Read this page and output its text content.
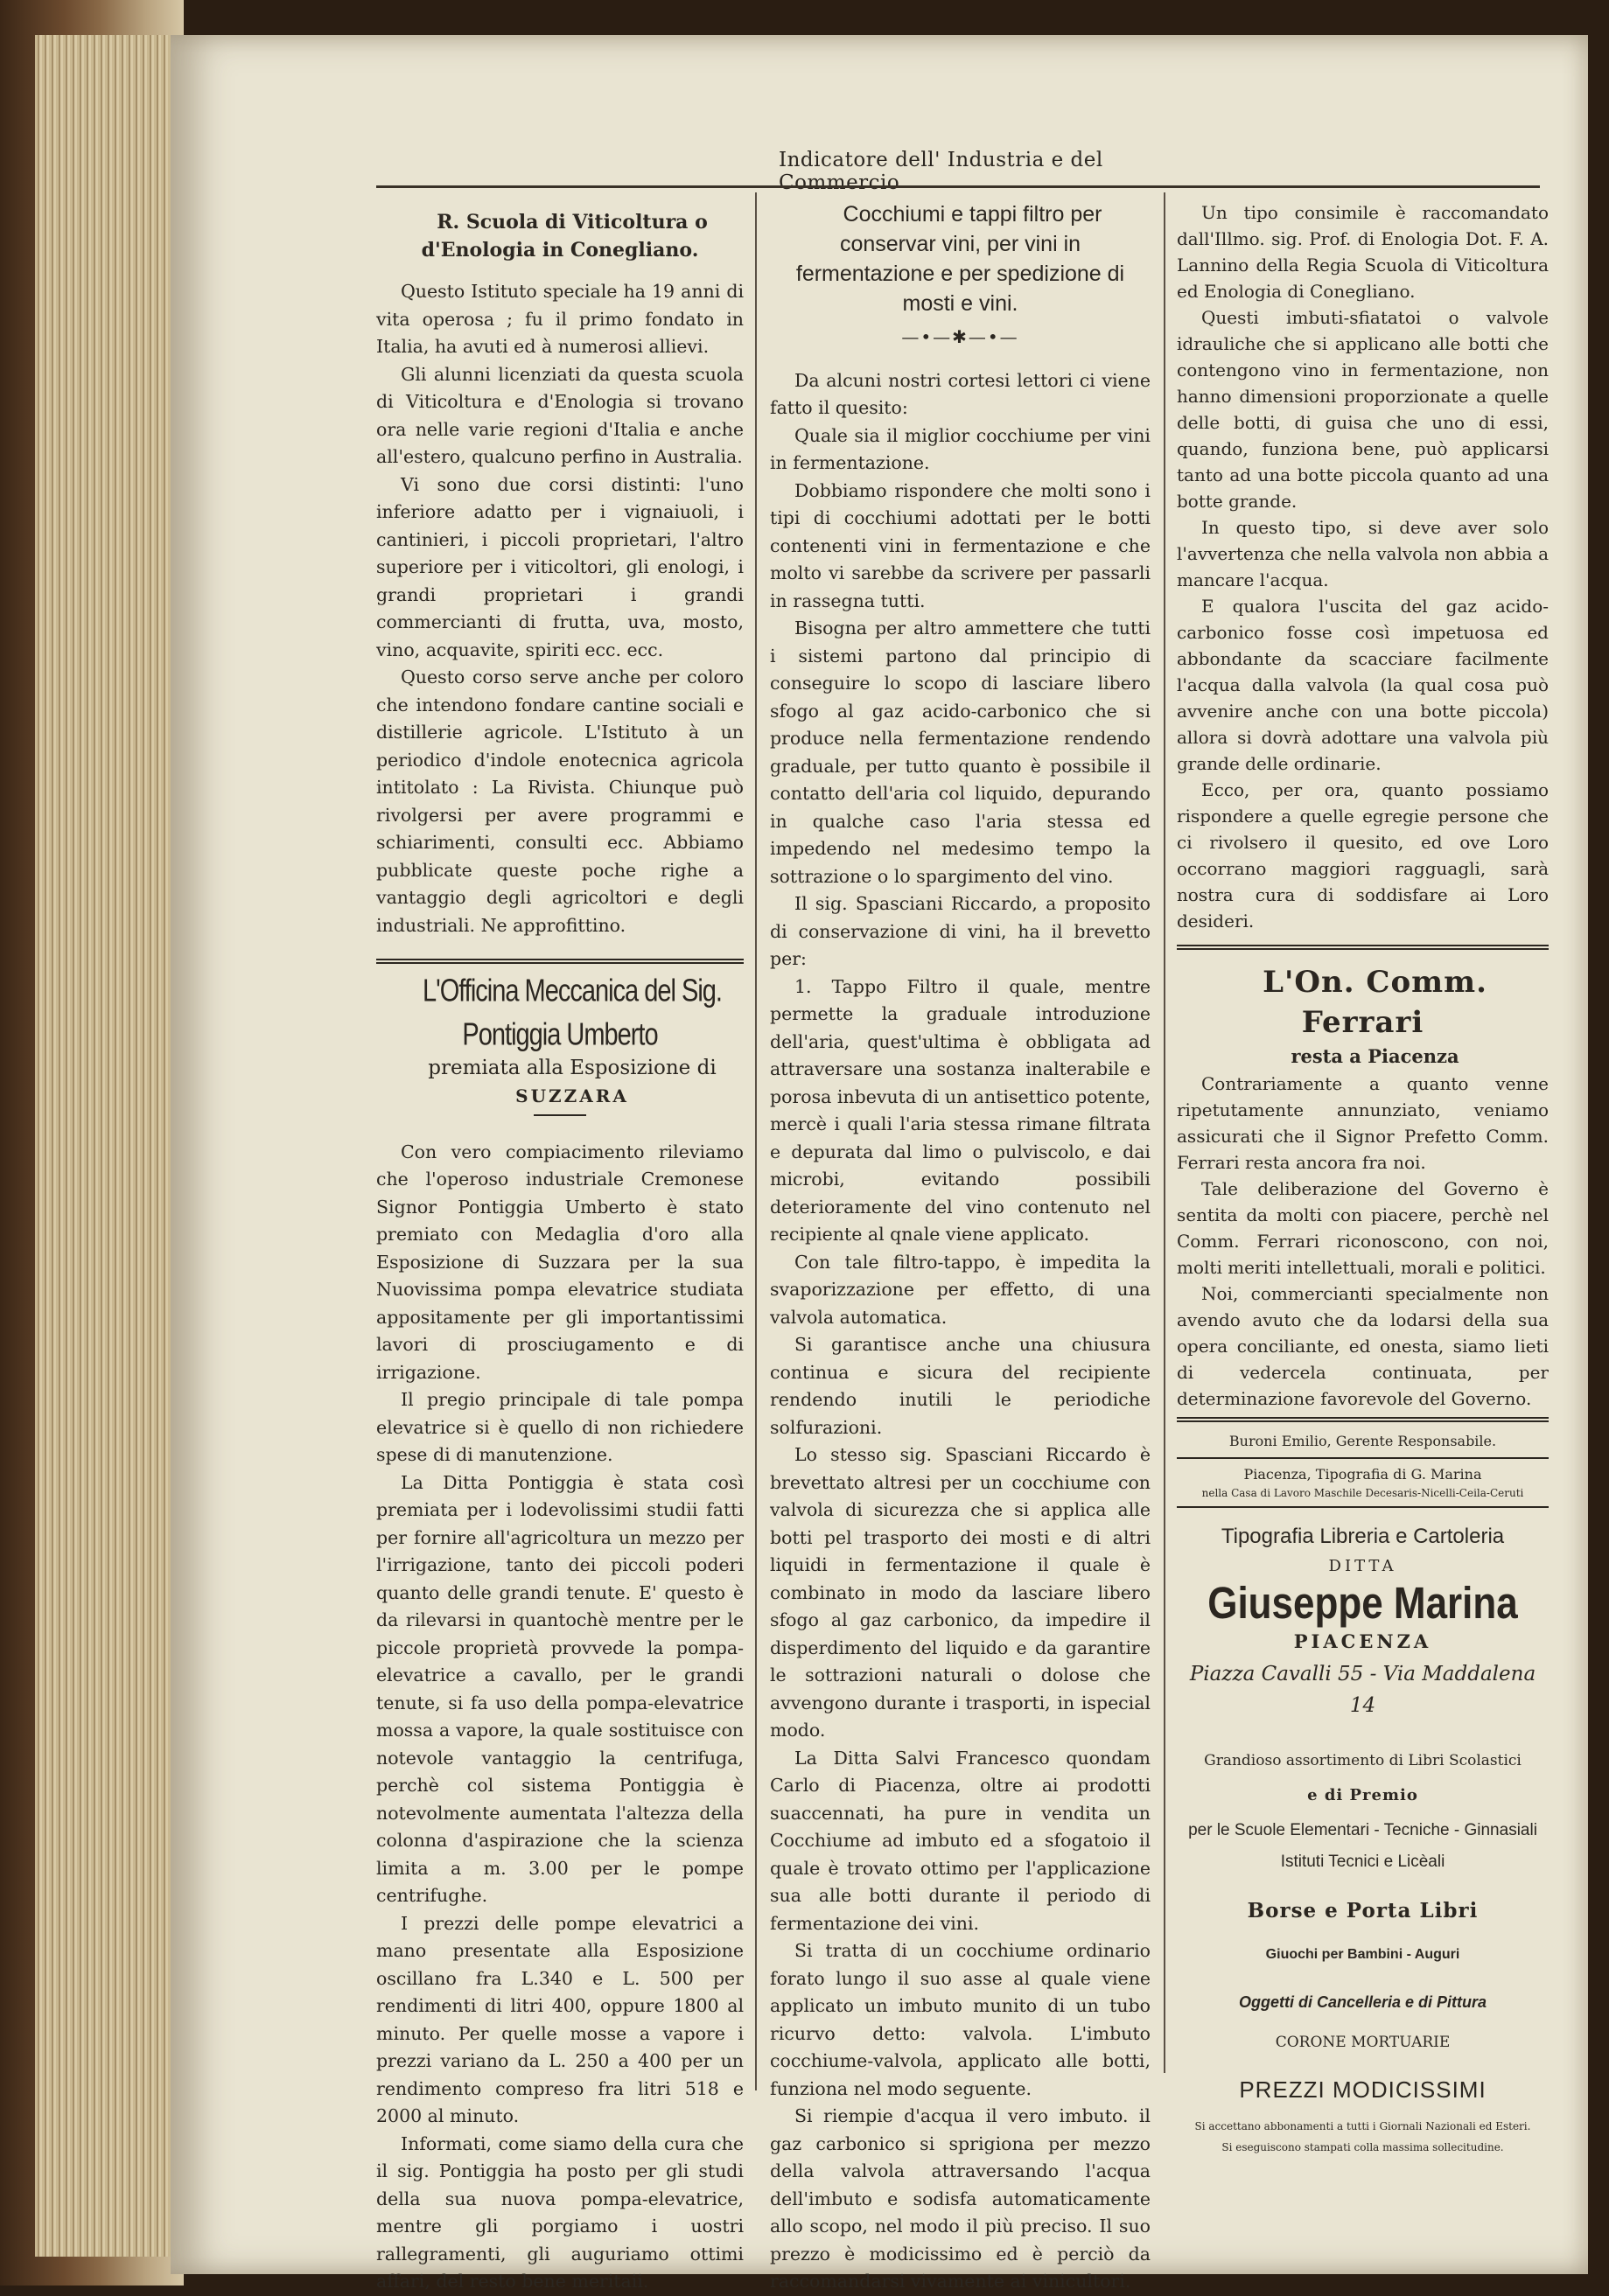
Indicatore dell' Industria e del Commercio

R. Scuola di Viticoltura o d'Enologia in Conegliano.

Questo Istituto speciale ha 19 anni di vita operosa ; fu il primo fondato in Italia, ha avuti ed à numerosi allievi.

Gli alunni licenziati da questa scuola di Viticoltura e d'Enologia si trovano ora nelle varie regioni d'Italia e anche all'estero, qualcuno perfino in Australia.

Vi sono due corsi distinti: l'uno inferiore adatto per i vignaiuoli, i cantinieri, i piccoli proprietari, l'altro superiore per i viticoltori, gli enologi, i grandi proprietari i grandi commercianti di frutta, uva, mosto, vino, acquavite, spiriti ecc. ecc.

Questo corso serve anche per coloro che intendono fondare cantine sociali e distillerie agricole. L'Istituto à un periodico d'indole enotecnica agricola intitolato : La Rivista. Chiunque può rivolgersi per avere programmi e schiarimenti, consulti ecc. Abbiamo pubblicate queste poche righe a vantaggio degli agricoltori e degli industriali. Ne approfittino.

L'Officina Meccanica del Sig. Pontiggia Umberto

premiata alla Esposizione di

SUZZARA

Con vero compiacimento rileviamo che l'operoso industriale Cremonese Signor Pontiggia Umberto è stato premiato con Medaglia d'oro alla Esposizione di Suzzara per la sua Nuovissima pompa elevatrice studiata appositamente per gli importantissimi lavori di prosciugamento e di irrigazione.

Il pregio principale di tale pompa elevatrice si è quello di non richiedere spese di di manutenzione.

La Ditta Pontiggia è stata così premiata per i lodevolissimi studii fatti per fornire all'agricoltura un mezzo per l'irrigazione, tanto dei piccoli poderi quanto delle grandi tenute. E' questo è da rilevarsi in quantochè mentre per le piccole proprietà provvede la pompa-elevatrice a cavallo, per le grandi tenute, si fa uso della pompa-elevatrice mossa a vapore, la quale sostituisce con notevole vantaggio la centrifuga, perchè col sistema Pontiggia è notevolmente aumentata l'altezza della colonna d'aspirazione che la scienza limita a m. 3.00 per le pompe centrifughe.

I prezzi delle pompe elevatrici a mano presentate alla Esposizione oscillano fra L.340 e L. 500 per rendimenti di litri 400, oppure 1800 al minuto. Per quelle mosse a vapore i prezzi variano da L. 250 a 400 per un rendimento compreso fra litri 518 e 2000 al minuto.

Informati, come siamo della cura che il sig. Pontiggia ha posto per gli studi della sua nuova pompa-elevatrice, mentre gli porgiamo i uostri rallegramenti, gli auguriamo ottimi affari, del resto bene meritaii.

Cocchiumi e tappi filtro per conservar vini, per vini in fermentazione e per spedizione di mosti e vini.

—•—✱—•—

Da alcuni nostri cortesi lettori ci viene fatto il quesito:

Quale sia il miglior cocchiume per vini in fermentazione.

Dobbiamo rispondere che molti sono i tipi di cocchiumi adottati per le botti contenenti vini in fermentazione e che molto vi sarebbe da scrivere per passarli in rassegna tutti.

Bisogna per altro ammettere che tutti i sistemi partono dal principio di conseguire lo scopo di lasciare libero sfogo al gaz acido-carbonico che si produce nella fermentazione rendendo graduale, per tutto quanto è possibile il contatto dell'aria col liquido, depurando in qualche caso l'aria stessa ed impedendo nel medesimo tempo la sottrazione o lo spargimento del vino.

Il sig. Spasciani Riccardo, a proposito di conservazione di vini, ha il brevetto per:

1. Tappo Filtro il quale, mentre permette la graduale introduzione dell'aria, quest'ultima è obbligata ad attraversare una sostanza inalterabile e porosa inbevuta di un antisettico potente, mercè i quali l'aria stessa rimane filtrata e depurata dal limo o pulviscolo, e dai microbi, evitando possibili deterioramente del vino contenuto nel recipiente al qnale viene applicato.

Con tale filtro-tappo, è impedita la svaporizzazione per effetto, di una valvola automatica.

Si garantisce anche una chiusura continua e sicura del recipiente rendendo inutili le periodiche solfurazioni.

Lo stesso sig. Spasciani Riccardo è brevettato altresi per un cocchiume con valvola di sicurezza che si applica alle botti pel trasporto dei mosti e di altri liquidi in fermentazione il quale è combinato in modo da lasciare libero sfogo al gaz carbonico, da impedire il disperdimento del liquido e da garantire le sottrazioni naturali o dolose che avvengono durante i trasporti, in ispecial modo.

La Ditta Salvi Francesco quondam Carlo di Piacenza, oltre ai prodotti suaccennati, ha pure in vendita un Cocchiume ad imbuto ed a sfogatoio il quale è trovato ottimo per l'applicazione sua alle botti durante il periodo di fermentazione dei vini.

Si tratta di un cocchiume ordinario forato lungo il suo asse al quale viene applicato un imbuto munito di un tubo ricurvo detto: valvola. L'imbuto cocchiume-valvola, applicato alle botti, funziona nel modo seguente.

Si riempie d'acqua il vero imbuto. il gaz carbonico si sprigiona per mezzo della valvola attraversando l'acqua dell'imbuto e sodisfa automaticamente allo scopo, nel modo il più preciso. Il suo prezzo è modicissimo ed è perciò da raccomandarsi vivamente ai vinicultori.

Un tipo consimile è raccomandato dall'Illmo. sig. Prof. di Enologia Dot. F. A. Lannino della Regia Scuola di Viticoltura ed Enologia di Conegliano.

Questi imbuti-sfiatatoi o valvole idrauliche che si applicano alle botti che contengono vino in fermentazione, non hanno dimensioni proporzionate a quelle delle botti, di guisa che uno di essi, quando, funziona bene, può applicarsi tanto ad una botte piccola quanto ad una botte grande.

In questo tipo, si deve aver solo l'avvertenza che nella valvola non abbia a mancare l'acqua.

E qualora l'uscita del gaz acido-carbonico fosse così impetuosa ed abbondante da scacciare facilmente l'acqua dalla valvola (la qual cosa può avvenire anche con una botte piccola) allora si dovrà adottare una valvola più grande delle ordinarie.

Ecco, per ora, quanto possiamo rispondere a quelle egregie persone che ci rivolsero il quesito, ed ove Loro occorrano maggiori ragguagli, sarà nostra cura di soddisfare ai Loro desideri.

L'On. Comm. Ferrari

resta a Piacenza

Contrariamente a quanto venne ripetutamente annunziato, veniamo assicurati che il Signor Prefetto Comm. Ferrari resta ancora fra noi.

Tale deliberazione del Governo è sentita da molti con piacere, perchè nel Comm. Ferrari riconoscono, con noi, molti meriti intellettuali, morali e politici.

Noi, commercianti specialmente non avendo avuto che da lodarsi della sua opera conciliante, ed onesta, siamo lieti di vedercela continuata, per determinazione favorevole del Governo.

Buroni Emilio, Gerente Responsabile.

Piacenza, Tipografia di G. Marina

nella Casa di Lavoro Maschile Decesaris-Nicelli-Ceila-Ceruti

Tipografia Libreria e Cartoleria

DITTA

Giuseppe Marina

PIACENZA

Piazza Cavalli 55 - Via Maddalena 14

Grandioso assortimento di Libri Scolastici

e di Premio

per le Scuole Elementari - Tecniche - Ginnasiali

Istituti Tecnici e Licèali

Borse e Porta Libri

Giuochi per Bambini - Auguri

Oggetti di Cancelleria e di Pittura

CORONE MORTUARIE

PREZZI MODICISSIMI

Si accettano abbonamenti a tutti i Giornali Nazionali ed Esteri.

Si eseguiscono stampati colla massima sollecitudine.
